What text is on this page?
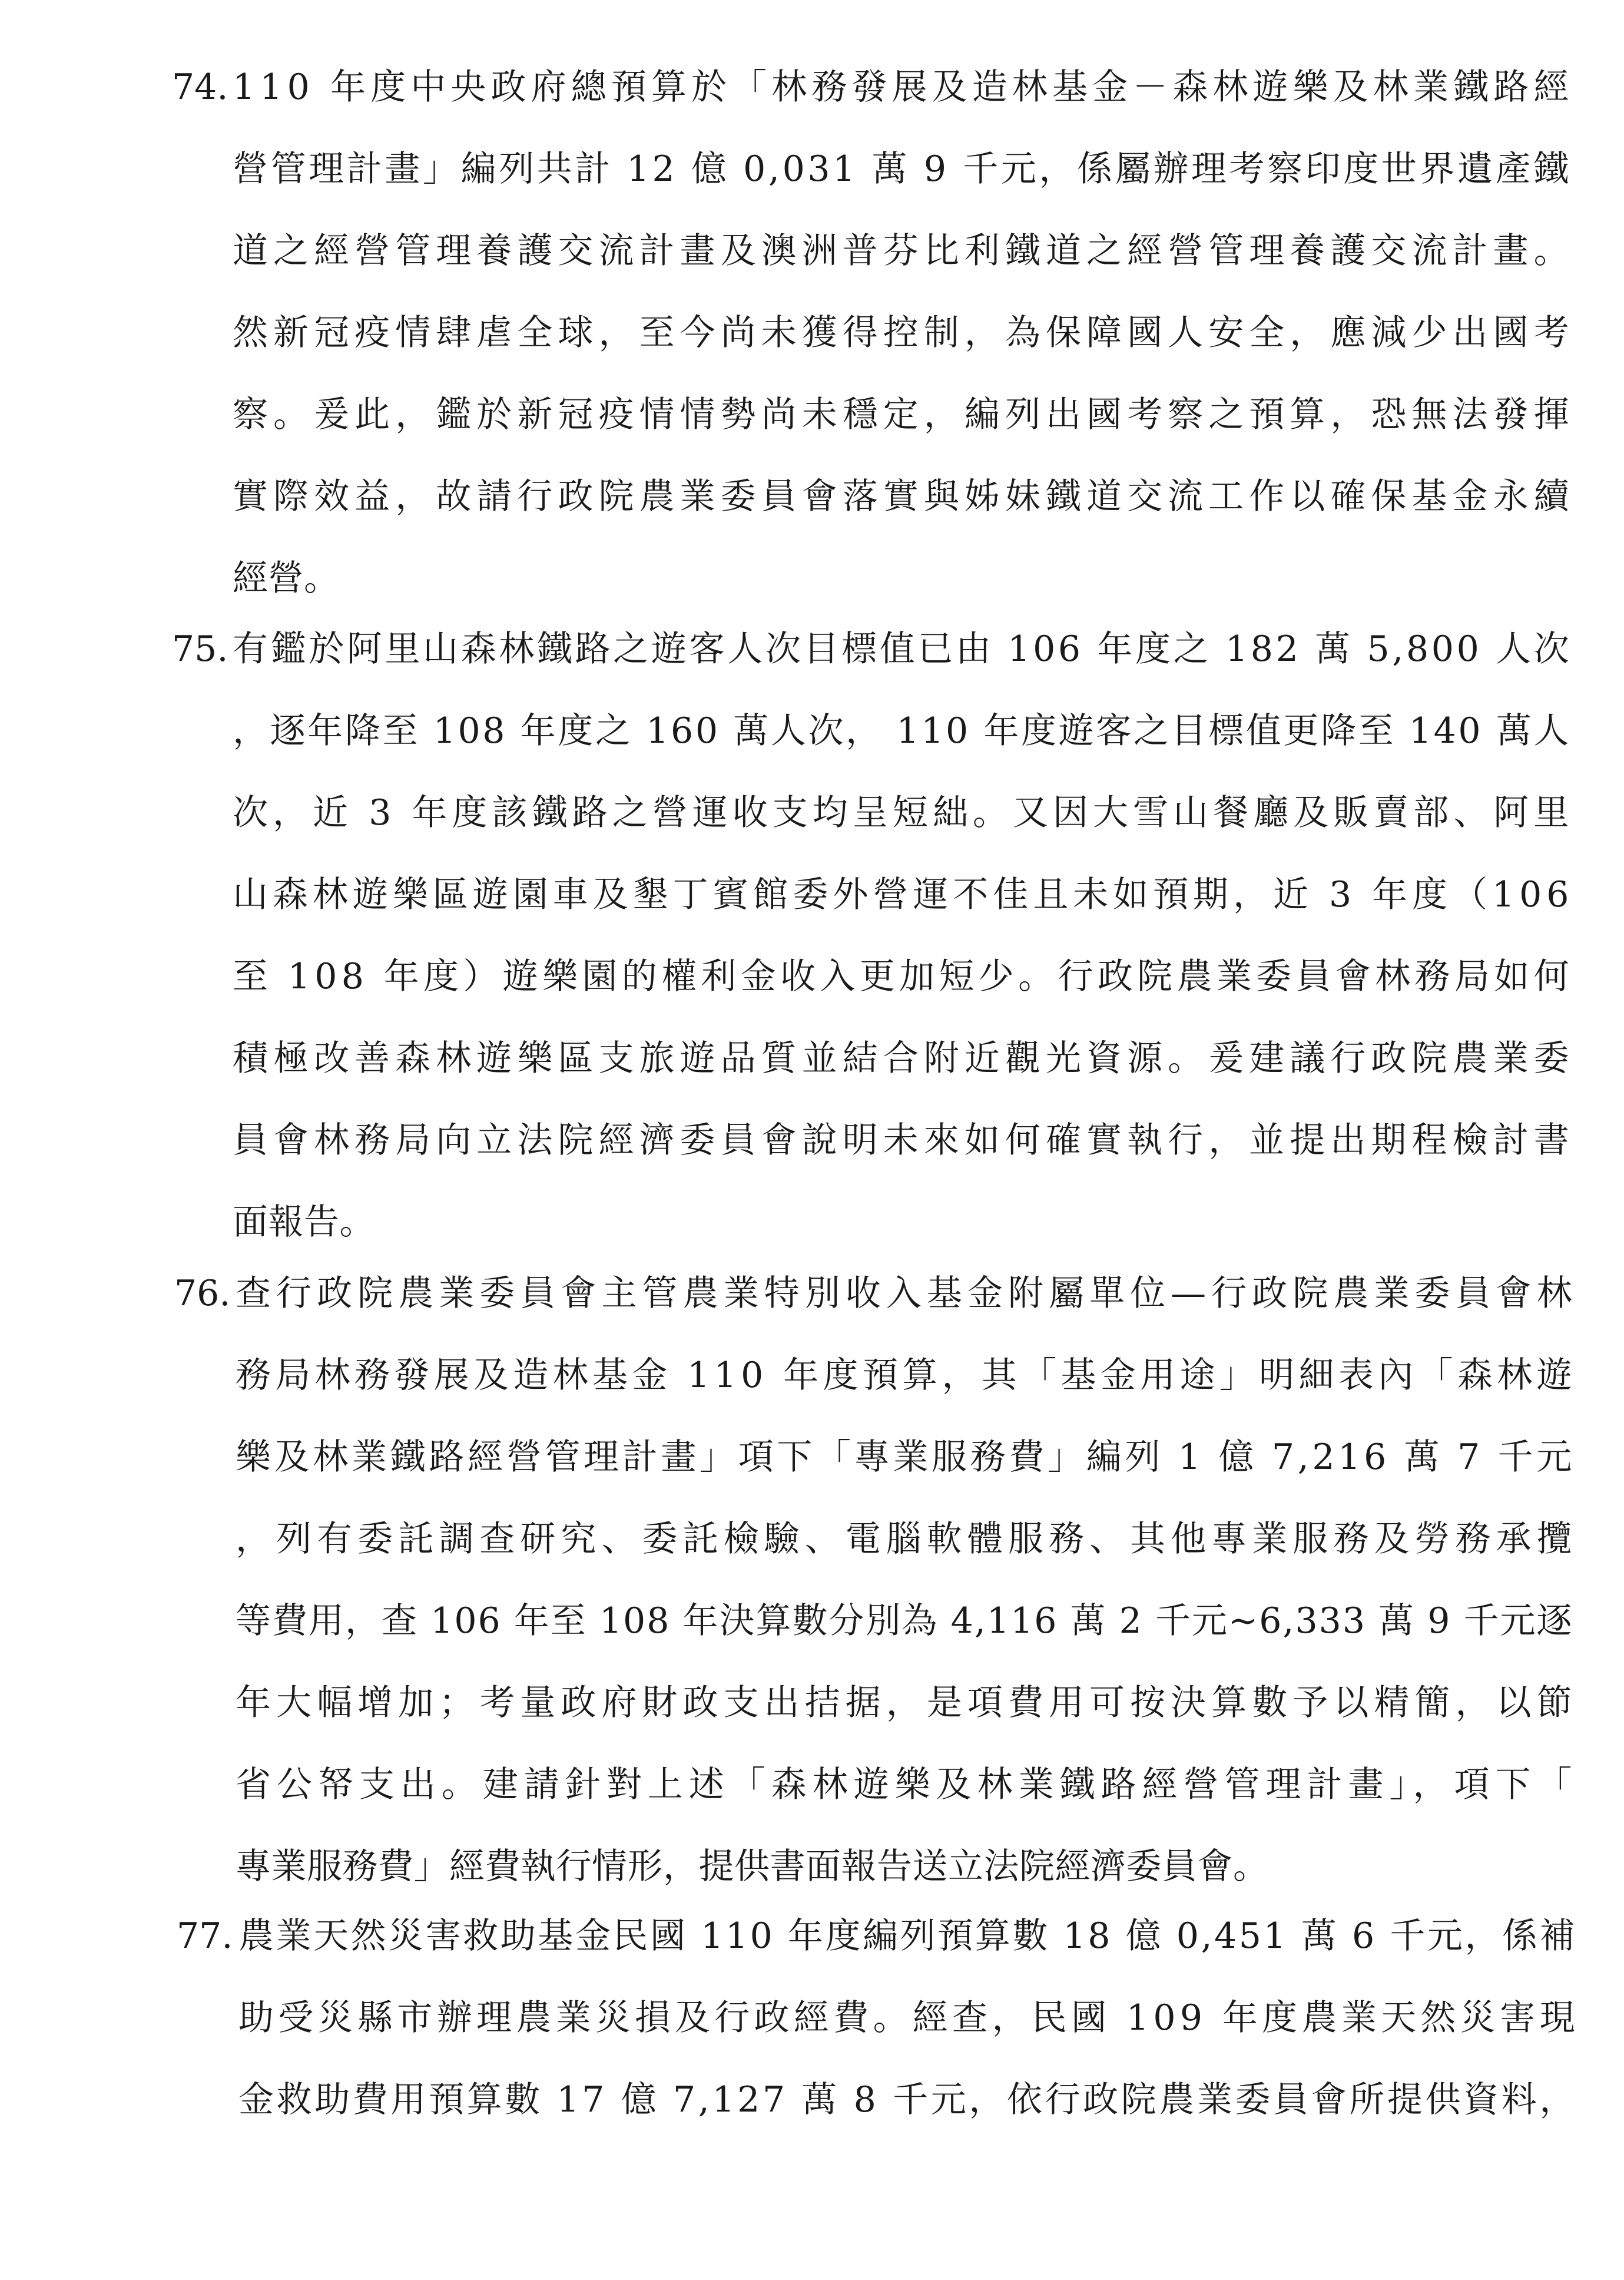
74. 110 年度中央政府總預算於「林務發展及造林基金－森林遊樂及林業鐵路經
營管理計畫」編列共計 12 億 0,031 萬 9 千元，係屬辦理考察印度世界遺產鐵
道之經營管理養護交流計畫及澳洲普芬比利鐵道之經營管理養護交流計畫。
然新冠疫情肆虐全球，至今尚未獲得控制，為保障國人安全，應減少出國考
察。爰此，鑑於新冠疫情情勢尚未穩定，編列出國考察之預算，恐無法發揮
實際效益，故請行政院農業委員會落實與姊妹鐵道交流工作以確保基金永續
經營。
75. 有鑑於阿里山森林鐵路之遊客人次目標值已由 106 年度之 182 萬 5,800 人次
，逐年降至 108 年度之 160 萬人次， 110 年度遊客之目標值更降至 140 萬人
次，近 3 年度該鐵路之營運收支均呈短絀。又因大雪山餐廳及販賣部、阿里
山森林遊樂區遊園車及墾丁賓館委外營運不佳且未如預期，近 3 年度（106
至 108 年度）遊樂園的權利金收入更加短少。行政院農業委員會林務局如何
積極改善森林遊樂區支旅遊品質並結合附近觀光資源。爰建議行政院農業委
員會林務局向立法院經濟委員會說明未來如何確實執行，並提出期程檢討書
面報告。
76. 查行政院農業委員會主管農業特別收入基金附屬單位—行政院農業委員會林
務局林務發展及造林基金 110 年度預算，其「基金用途」明細表內「森林遊
樂及林業鐵路經營管理計畫」項下「專業服務費」編列 1 億 7,216 萬 7 千元
，列有委託調查研究、委託檢驗、電腦軟體服務、其他專業服務及勞務承攬
等費用，查 106 年至 108 年決算數分別為 4,116 萬 2 千元~6,333 萬 9 千元逐
年大幅增加；考量政府財政支出拮据，是項費用可按決算數予以精簡，以節
省公帑支出。建請針對上述「森林遊樂及林業鐵路經營管理計畫」，項下「
專業服務費」經費執行情形，提供書面報告送立法院經濟委員會。
77. 農業天然災害救助基金民國 110 年度編列預算數 18 億 0,451 萬 6 千元，係補
助受災縣市辦理農業災損及行政經費。經查，民國 109 年度農業天然災害現
金救助費用預算數 17 億 7,127 萬 8 千元，依行政院農業委員會所提供資料，
